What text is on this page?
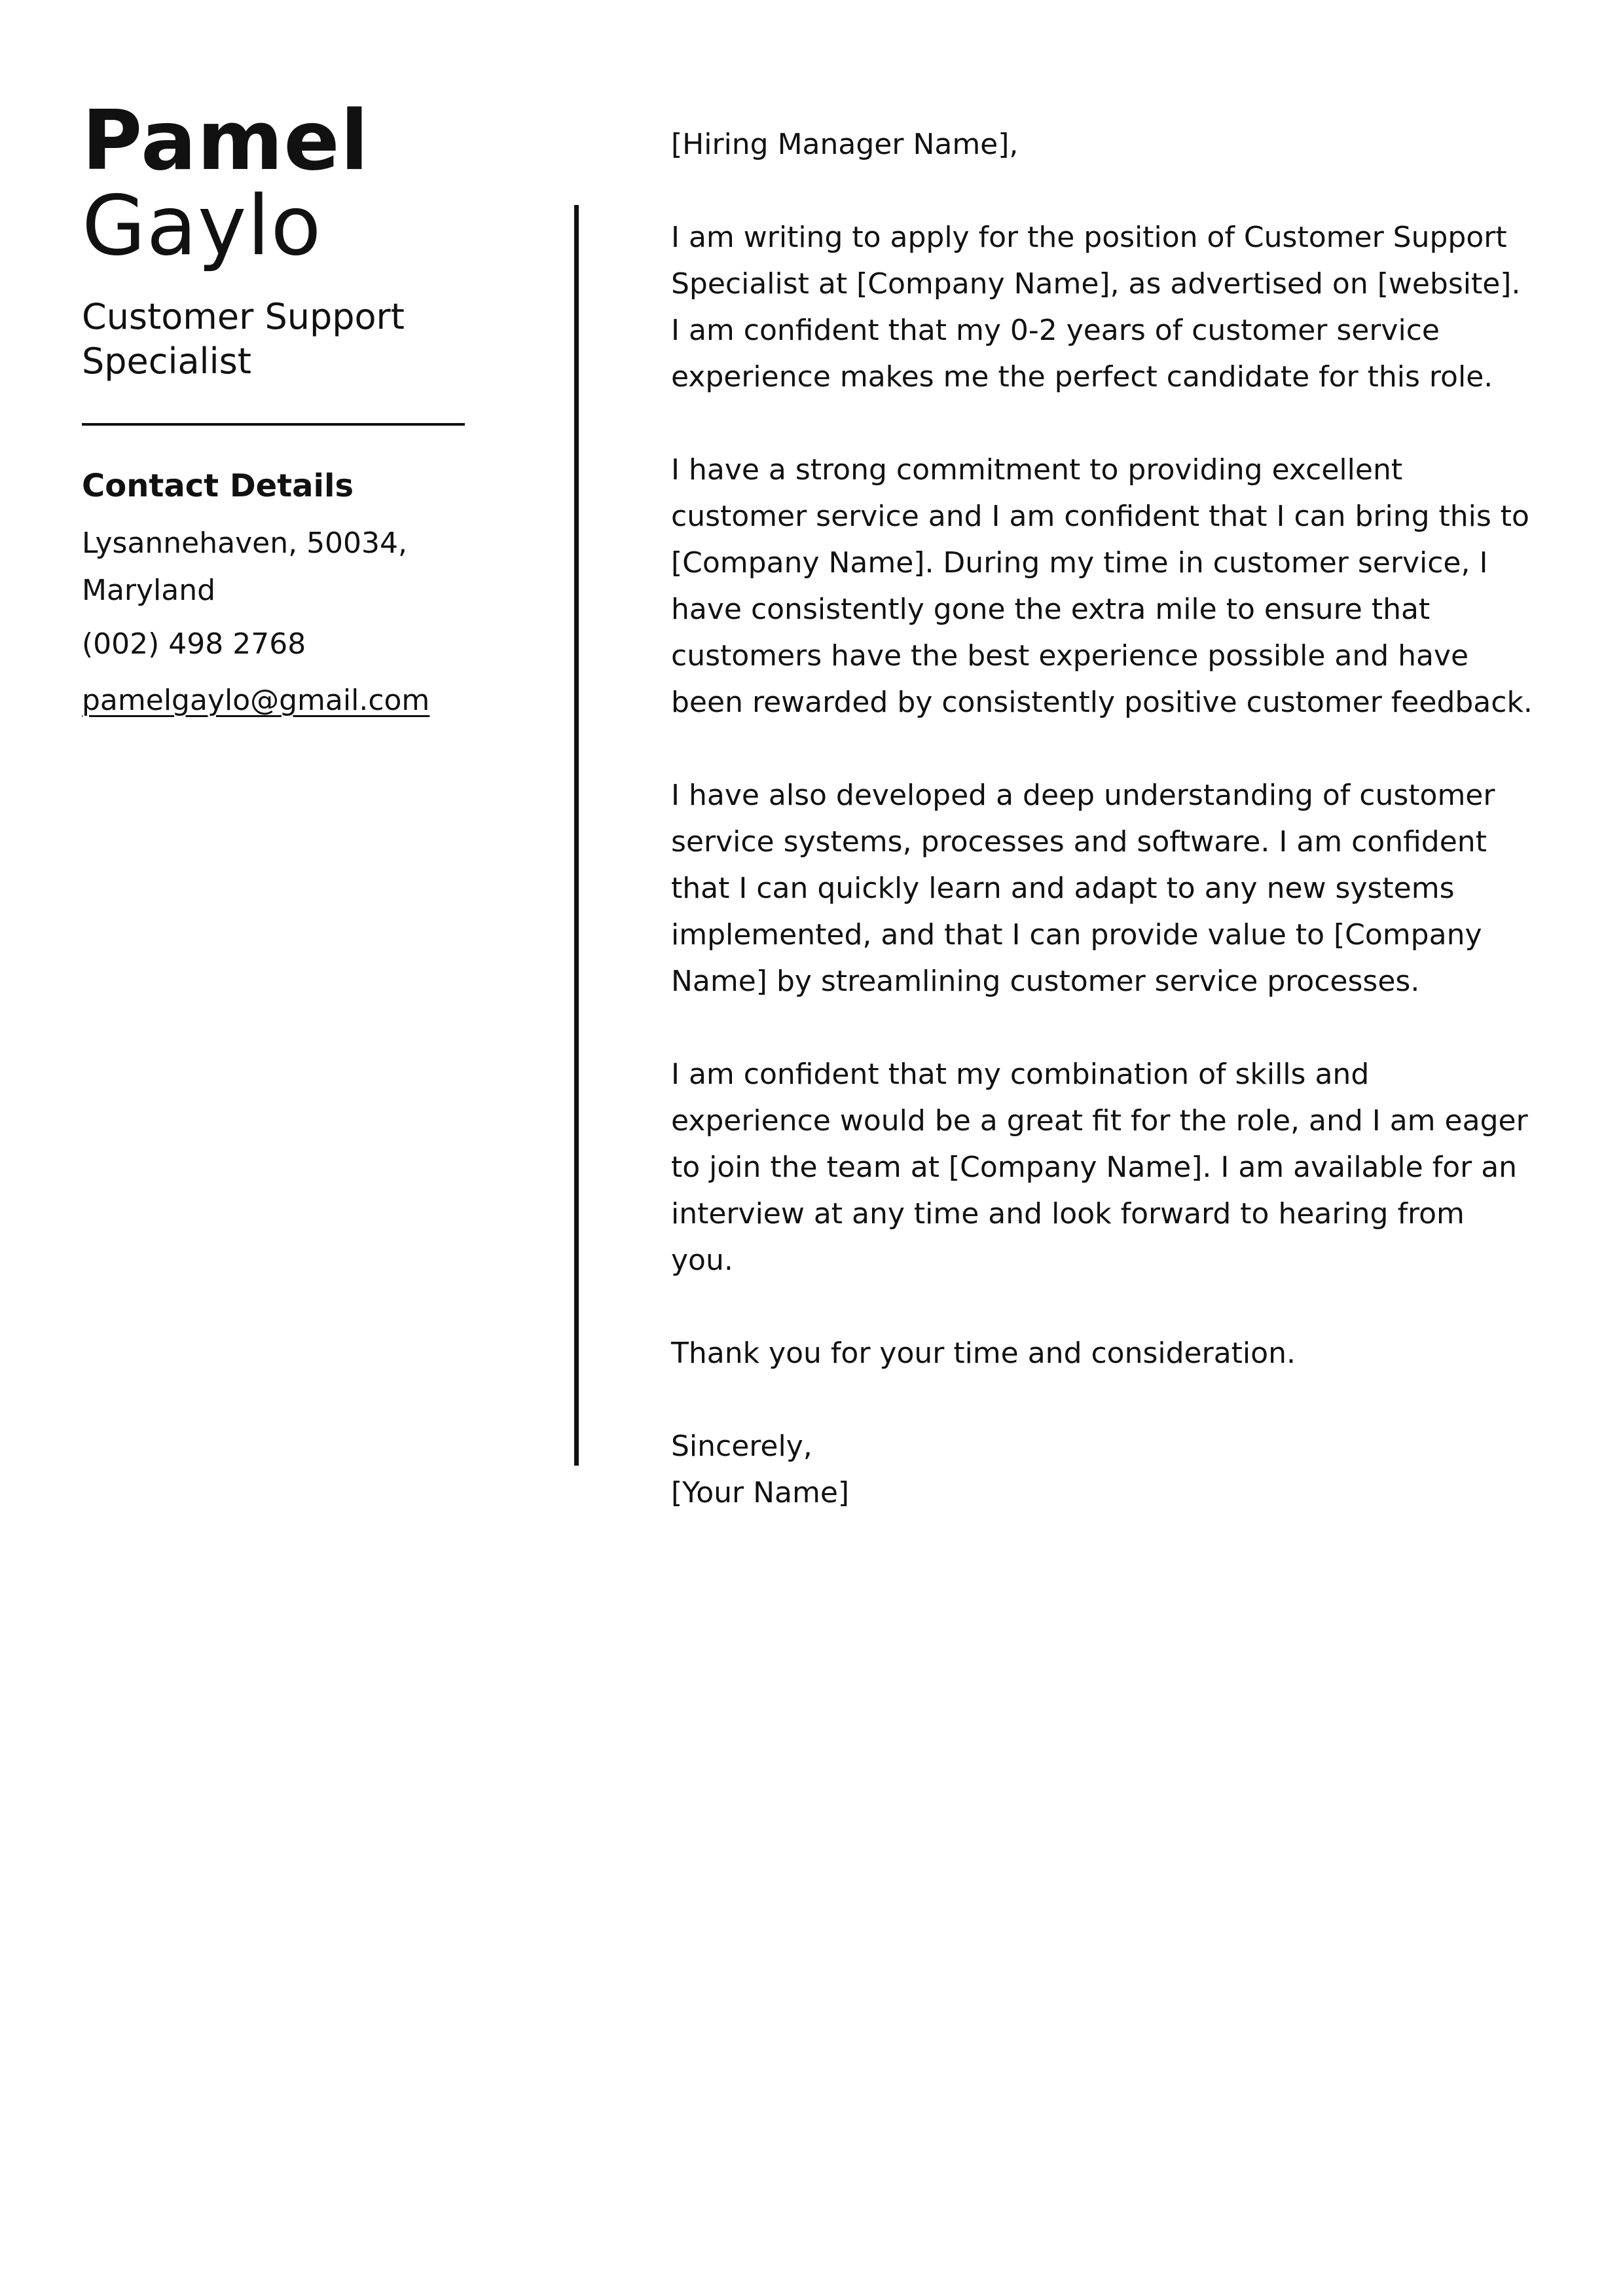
Pamel
Gaylo
Customer Support Specialist
Contact Details
Lysannehaven, 50034, Maryland
(002) 498 2768
pamelgaylo@gmail.com

[Hiring Manager Name],

I am writing to apply for the position of Customer Support Specialist at [Company Name], as advertised on [website]. I am confident that my 0-2 years of customer service experience makes me the perfect candidate for this role.

I have a strong commitment to providing excellent customer service and I am confident that I can bring this to [Company Name]. During my time in customer service, I have consistently gone the extra mile to ensure that customers have the best experience possible and have been rewarded by consistently positive customer feedback.

I have also developed a deep understanding of customer service systems, processes and software. I am confident that I can quickly learn and adapt to any new systems implemented, and that I can provide value to [Company Name] by streamlining customer service processes.

I am confident that my combination of skills and experience would be a great fit for the role, and I am eager to join the team at [Company Name]. I am available for an interview at any time and look forward to hearing from you.

Thank you for your time and consideration.

Sincerely,

[Your Name]
